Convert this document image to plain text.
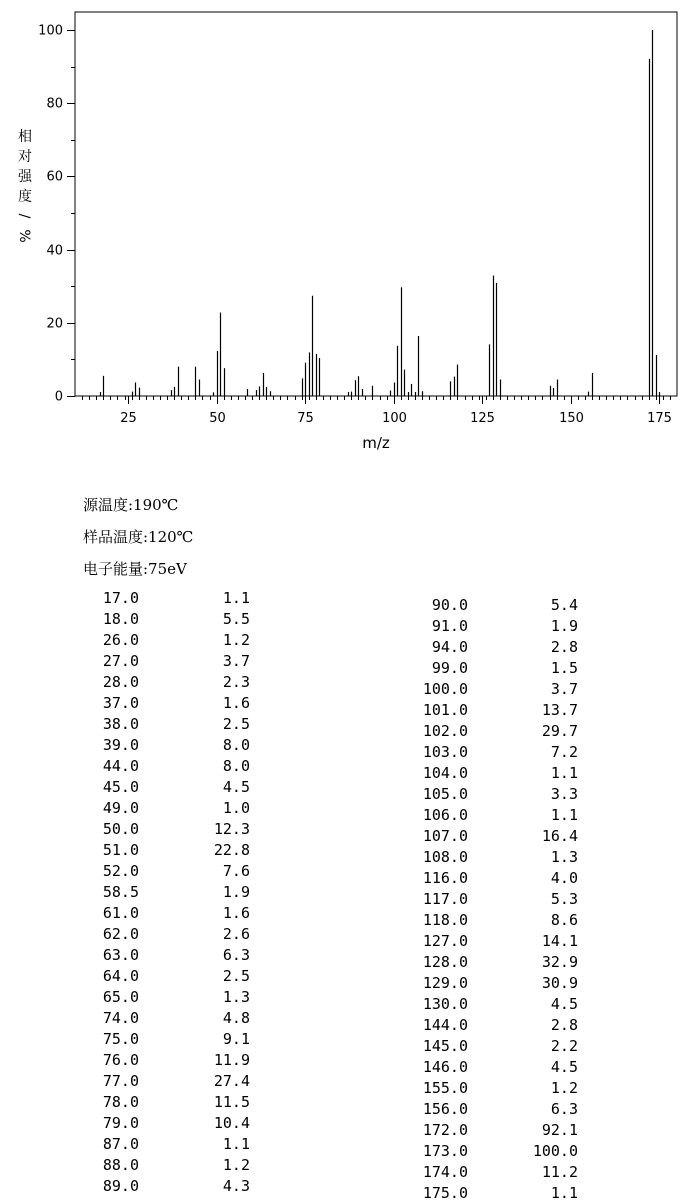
25	50	75	100	125	150	175
0
20
40
60
80
100
m/z
相
对
强
度
/
%
源温度:190℃
样品温度:120℃
电子能量:75eV
17.0	1.1
18.0	5.5
26.0	1.2
27.0	3.7
28.0	2.3
37.0	1.6
38.0	2.5
39.0	8.0
44.0	8.0
45.0	4.5
49.0	1.0
50.0	12.3
51.0	22.8
52.0	7.6
58.5	1.9
61.0	1.6
62.0	2.6
63.0	6.3
64.0	2.5
65.0	1.3
74.0	4.8
75.0	9.1
76.0	11.9
77.0	27.4
78.0	11.5
79.0	10.4
87.0	1.1
88.0	1.2
89.0	4.3
90.0	5.4
91.0	1.9
94.0	2.8
99.0	1.5
100.0	3.7
101.0	13.7
102.0	29.7
103.0	7.2
104.0	1.1
105.0	3.3
106.0	1.1
107.0	16.4
108.0	1.3
116.0	4.0
117.0	5.3
118.0	8.6
127.0	14.1
128.0	32.9
129.0	30.9
130.0	4.5
144.0	2.8
145.0	2.2
146.0	4.5
155.0	1.2
156.0	6.3
172.0	92.1
173.0	100.0
174.0	11.2
175.0	1.1
